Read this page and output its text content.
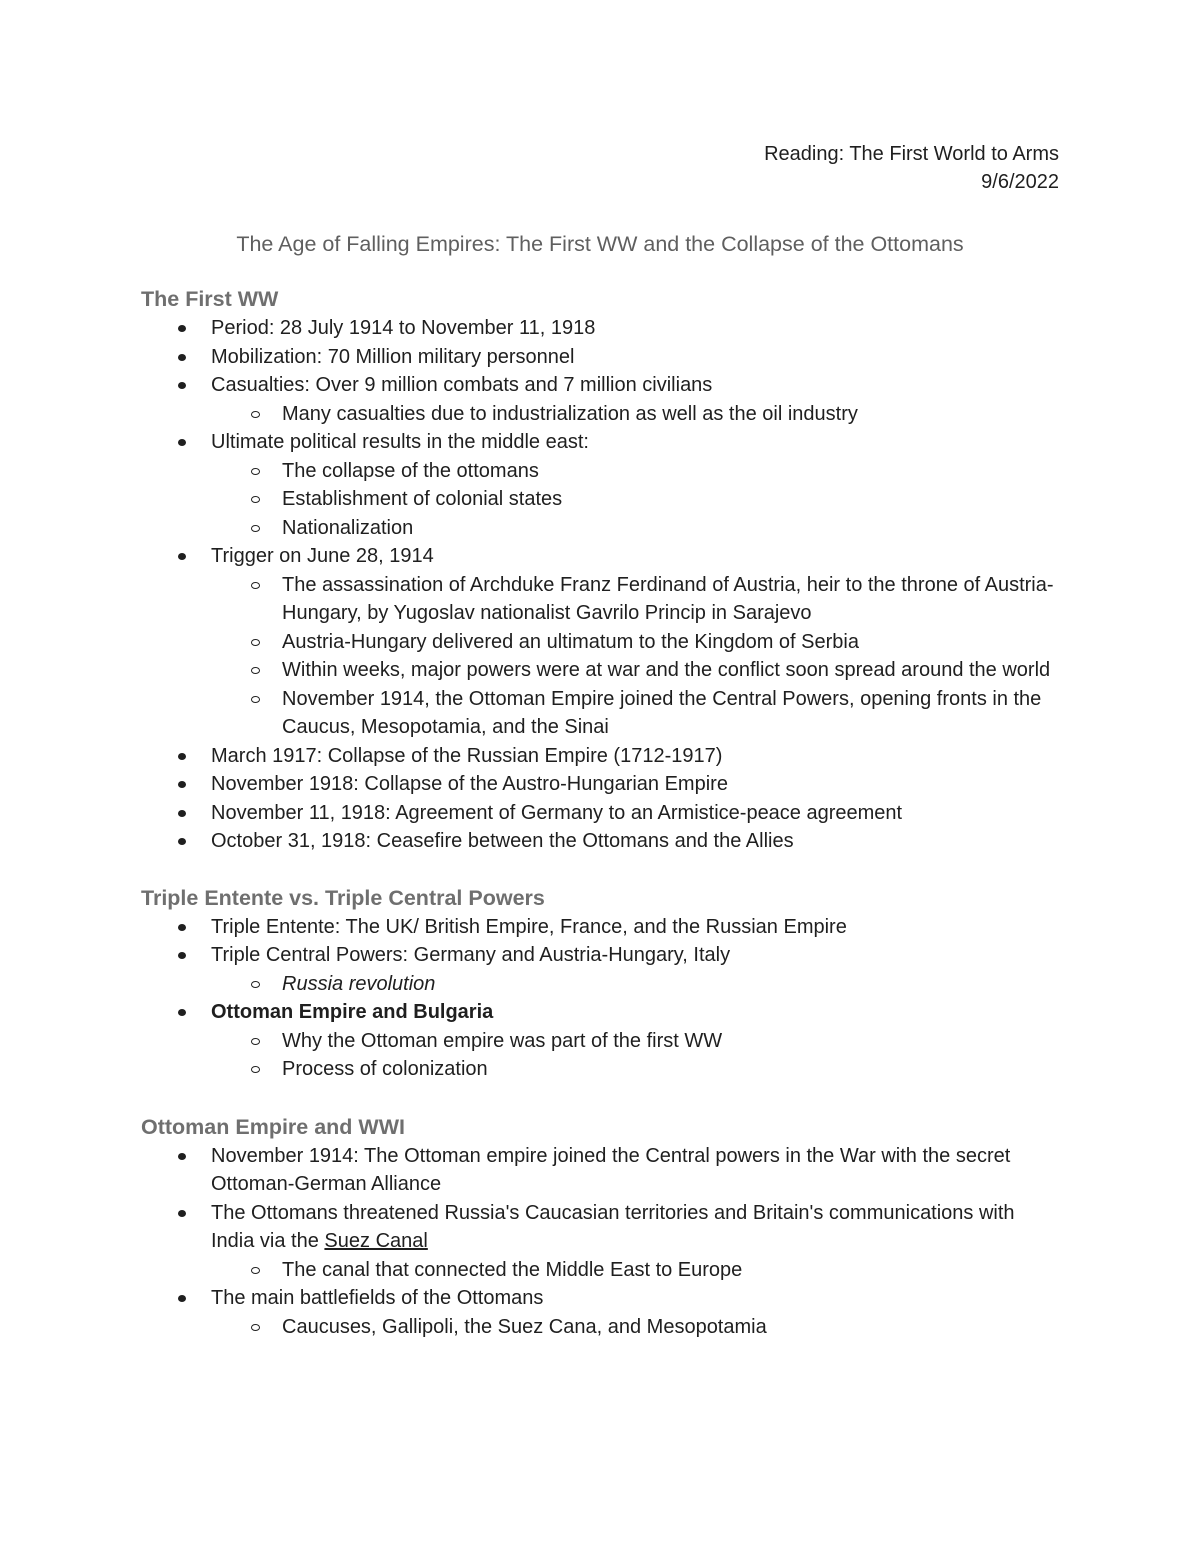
Reading: The First World to Arms
9/6/2022
The Age of Falling Empires: The First WW and the Collapse of the Ottomans
The First WW
Period: 28 July 1914 to November 11, 1918
Mobilization: 70 Million military personnel
Casualties: Over 9 million combats and 7 million civilians
Many casualties due to industrialization as well as the oil industry
Ultimate political results in the middle east:
The collapse of the ottomans
Establishment of colonial states
Nationalization
Trigger on June 28, 1914
The assassination of Archduke Franz Ferdinand of Austria, heir to the throne of Austria-Hungary, by Yugoslav nationalist Gavrilo Princip in Sarajevo
Austria-Hungary delivered an ultimatum to the Kingdom of Serbia
Within weeks, major powers were at war and the conflict soon spread around the world
November 1914, the Ottoman Empire joined the Central Powers, opening fronts in the Caucus, Mesopotamia, and the Sinai
March 1917: Collapse of the Russian Empire (1712-1917)
November 1918: Collapse of the Austro-Hungarian Empire
November 11, 1918: Agreement of Germany to an Armistice-peace agreement
October 31, 1918: Ceasefire between the Ottomans and the Allies
Triple Entente vs. Triple Central Powers
Triple Entente: The UK/ British Empire, France, and the Russian Empire
Triple Central Powers: Germany and Austria-Hungary, Italy
Russia revolution
Ottoman Empire and Bulgaria
Why the Ottoman empire was part of the first WW
Process of colonization
Ottoman Empire and WWI
November 1914: The Ottoman empire joined the Central powers in the War with the secret Ottoman-German Alliance
The Ottomans threatened Russia's Caucasian territories and Britain's communications with India via the Suez Canal
The canal that connected the Middle East to Europe
The main battlefields of the Ottomans
Caucuses, Gallipoli, the Suez Cana, and Mesopotamia
